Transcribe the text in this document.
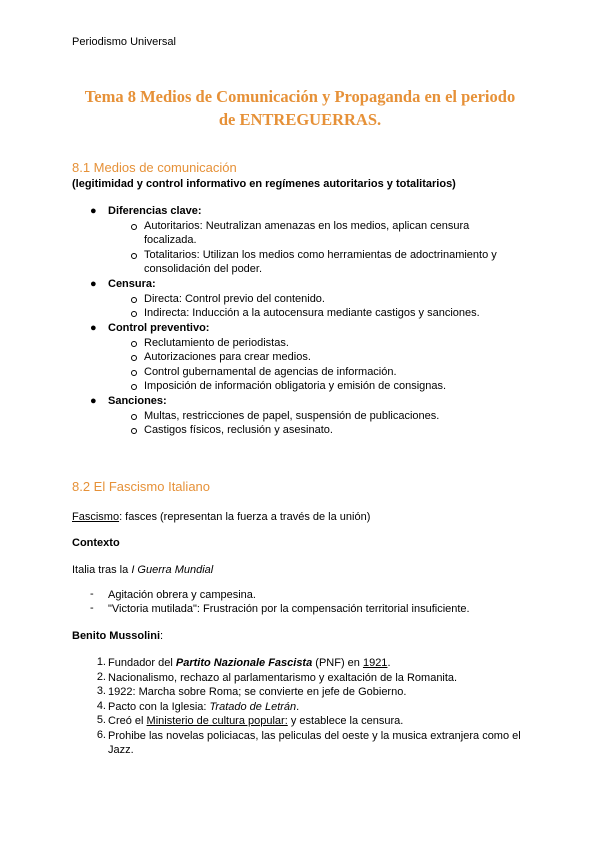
Periodismo Universal
Tema 8 Medios de Comunicación y Propaganda en el periodo
de ENTREGUERRAS.
8.1 Medios de comunicación
(legitimidad y control informativo en regímenes autoritarios y totalitarios)
● Diferencias clave:
Autoritarios: Neutralizan amenazas en los medios, aplican censura
focalizada.
Totalitarios: Utilizan los medios como herramientas de adoctrinamiento y
consolidación del poder.
● Censura:
Directa: Control previo del contenido.
Indirecta: Inducción a la autocensura mediante castigos y sanciones.
● Control preventivo:
Reclutamiento de periodistas.
Autorizaciones para crear medios.
Control gubernamental de agencias de información.
Imposición de información obligatoria y emisión de consignas.
● Sanciones:
Multas, restricciones de papel, suspensión de publicaciones.
Castigos físicos, reclusión y asesinato.
8.2 El Fascismo Italiano
Fascismo: fasces (representan la fuerza a través de la unión)
Contexto
Italia tras la I Guerra Mundial
- Agitación obrera y campesina.
- "Victoria mutilada": Frustración por la compensación territorial insuficiente.
Benito Mussolini:
1. Fundador del Partito Nazionale Fascista (PNF) en 1921.
2. Nacionalismo, rechazo al parlamentarismo y exaltación de la Romanita.
3. 1922: Marcha sobre Roma; se convierte en jefe de Gobierno.
4. Pacto con la Iglesia: Tratado de Letrán.
5. Creó el Ministerio de cultura popular: y establece la censura.
6. Prohibe las novelas policiacas, las peliculas del oeste y la musica extranjera como el
Jazz.
